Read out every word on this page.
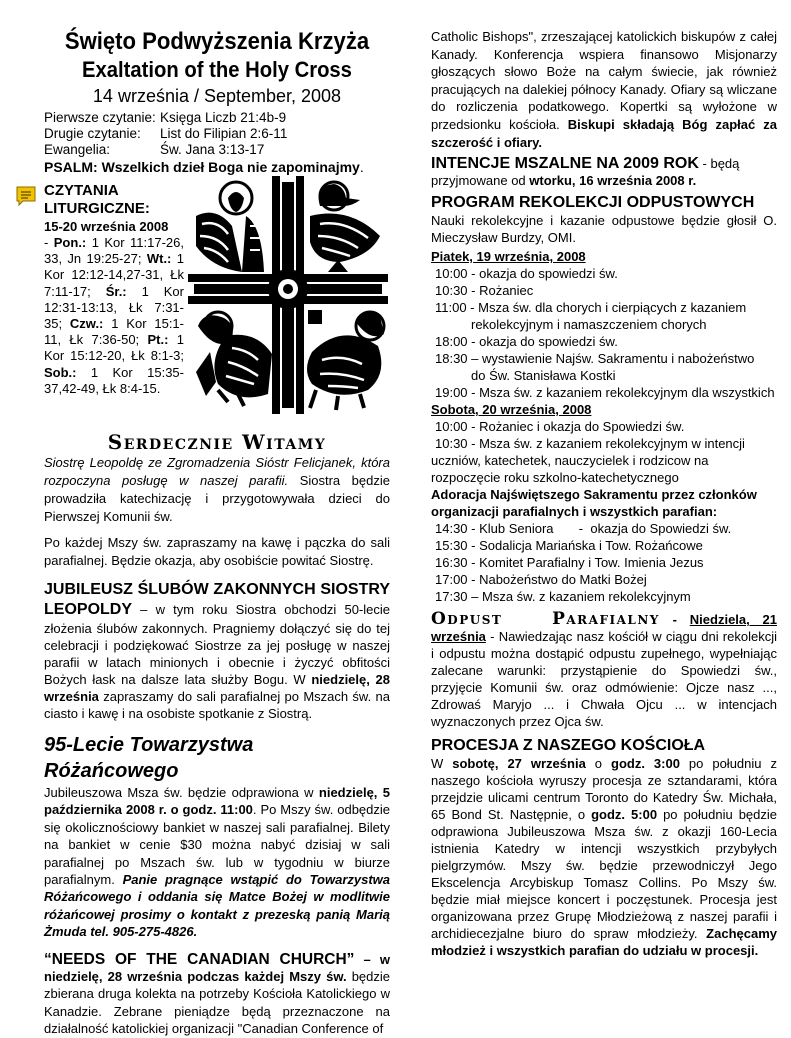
Święto Podwyższenia Krzyża
Exaltation of the Holy Cross
14 września / September, 2008
Pierwsze czytanie: Księga Liczb 21:4b-9
Drugie czytanie: List do Filipian 2:6-11
Ewangelia:	Św. Jana 3:13-17
PSALM: Wszelkich dzieł Boga nie zapominajmy.
CZYTANIA
LITURGICZNE:
15-20 września 2008
- Pon.: 1 Kor 11:17-26, 33, Jn 19:25-27; Wt.: 1 Kor 12:12-14,27-31, Łk 7:11-17; Śr.: 1 Kor 12:31-13:13, Łk 7:31-35; Czw.: 1 Kor 15:1-11, Łk 7:36-50; Pt.: 1 Kor 15:12-20, Łk 8:1-3; Sob.: 1 Kor 15:35-37,42-49, Łk 8:4-15.
Serdecznie Witamy

Siostrę Leopoldę ze Zgromadzenia Sióstr Felicjanek, która rozpoczyna posługę w naszej parafii. Siostra będzie prowadziła katechizację i przygotowywała dzieci do Pierwszej Komunii św.

Po każdej Mszy św. zapraszamy na kawę i pączka do sali parafialnej. Będzie okazja, aby osobiście powitać Siostrę.

JUBILEUSZ ŚLUBÓW ZAKONNYCH SIOSTRY LEOPOLDY – w tym roku Siostra obchodzi 50-lecie złożenia ślubów zakonnych. Pragniemy dołączyć się do tej celebracji i podziękować Siostrze za jej posługę w naszej parafii w latach minionych i obecnie i życzyć obfitości Bożych łask na dalsze lata służby Bogu. W niedzielę, 28 września zapraszamy do sali parafialnej po Mszach św. na ciasto i kawę i na osobiste spotkanie z Siostrą.

95-Lecie Towarzystwa Różańcowego

Jubileuszowa Msza św. będzie odprawiona w niedzielę, 5 października 2008 r. o godz. 11:00. Po Mszy św. odbędzie się okolicznościowy bankiet w naszej sali parafialnej. Bilety na bankiet w cenie $30 można nabyć dzisiaj w sali parafialnej po Mszach św. lub w tygodniu w biurze parafialnym. Panie pragnące wstąpić do Towarzystwa Różańcowego i oddania się Matce Bożej w modlitwie różańcowej prosimy o kontakt z prezeską panią Marią Żmuda tel. 905-275-4826.

“NEEDS OF THE CANADIAN CHURCH” – w niedzielę, 28 września podczas każdej Mszy św. będzie zbierana druga kolekta na potrzeby Kościoła Katolickiego w Kanadzie. Zebrane pieniądze będą przeznaczone na działalność katolickiej organizacji "Canadian Conference of

Catholic Bishops", zrzeszającej katolickich biskupów z całej Kanady. Konferencja wspiera finansowo Misjonarzy głoszących słowo Boże na całym świecie, jak również pracujących na dalekiej północy Kanady. Ofiary są wliczane do rozliczenia podatkowego. Kopertki są wyłożone w przedsionku kościoła. Biskupi składają Bóg zapłać za szczerość i ofiary.

INTENCJE MSZALNE NA 2009 ROK - będą przyjmowane od wtorku, 16 września 2008 r.

PROGRAM REKOLEKCJI ODPUSTOWYCH

Nauki rekolekcyjne i kazanie odpustowe będzie głosił O. Mieczysław Burdzy, OMI.

Piatek, 19 września, 2008
10:00 - okazja do spowiedzi św.
10:30 - Rożaniec
11:00 - Msza św. dla chorych i cierpiących z kazaniem
rekolekcyjnym i namaszczeniem chorych
18:00 - okazja do spowiedzi św.
18:30 – wystawienie Najśw. Sakramentu i nabożeństwo
do Św. Stanisława Kostki
19:00 - Msza św. z kazaniem rekolekcyjnym dla wszystkich
Sobota, 20 września, 2008
10:00 - Rożaniec i okazja do Spowiedzi św.
10:30 - Msza św. z kazaniem rekolekcyjnym w intencji uczniów, katechetek, nauczycielek i rodzicow na rozpoczęcie roku szkolno-katechetycznego

Adoracja Najświętszego Sakramentu przez członków organizacji parafialnych i wszystkich parafian:

14:30 - Klub Seniora       -  okazja do Spowiedzi św.
15:30 - Sodalicja Mariańska i Tow. Rożańcowe
16:30 - Komitet Parafialny i Tow. Imienia Jezus
17:00 - Nabożeństwo do Matki Bożej
17:30 – Msza św. z kazaniem rekolekcyjnym

Odpust   Parafialny - Niedziela, 21 września - Nawiedzając nasz kościół w ciągu dni rekolekcji i odpustu można dostąpić odpustu zupełnego, wypełniając zalecane warunki: przystąpienie do Spowiedzi św., przyjęcie Komunii św. oraz odmówienie: Ojcze nasz ..., Zdrowaś Maryjo ... i Chwała Ojcu ... w intencjach wyznaczonych przez Ojca św.

PROCESJA Z NASZEGO KOŚCIOŁA

W sobotę, 27 września o godz. 3:00 po południu z naszego kościoła wyruszy procesja ze sztandarami, która przejdzie ulicami centrum Toronto do Katedry Św. Michała, 65 Bond St. Następnie, o godz. 5:00 po południu będzie odprawiona Jubileuszowa Msza św. z okazji 160-Lecia istnienia Katedry w intencji wszystkich przybyłych pielgrzymów. Mszy św. będzie przewodniczył Jego Ekscelencja Arcybiskup Tomasz Collins. Po Mszy św. będzie miał miejsce koncert i poczęstunek. Procesja jest organizowana przez Grupę Młodzieżową z naszej parafii i archidiecezjalne biuro do spraw młodzieży. Zachęcamy młodzież i wszystkich parafian do udziału w procesji.
